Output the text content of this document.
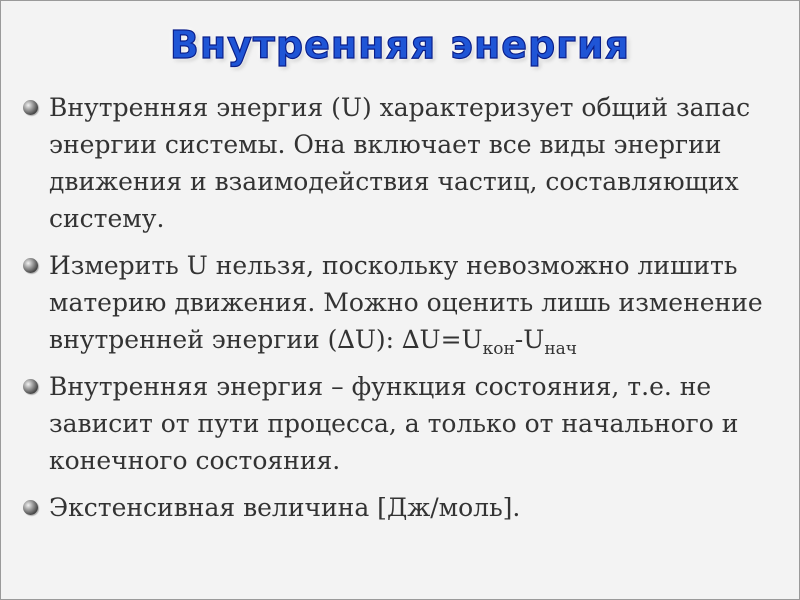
Внутренняя энергия
Внутренняя энергия (U) характеризует общий запас энергии системы. Она включает все виды энергии движения и взаимодействия частиц, составляющих систему.
Измерить U нельзя, поскольку невозможно лишить материю движения. Можно оценить лишь изменение внутренней энергии (∆U): $\Delta U=U_{кон}-U_{нач}$
Внутренняя энергия – функция состояния, т.е. не зависит от пути процесса, а только от начального и конечного состояния.
Экстенсивная величина [Дж/моль].
